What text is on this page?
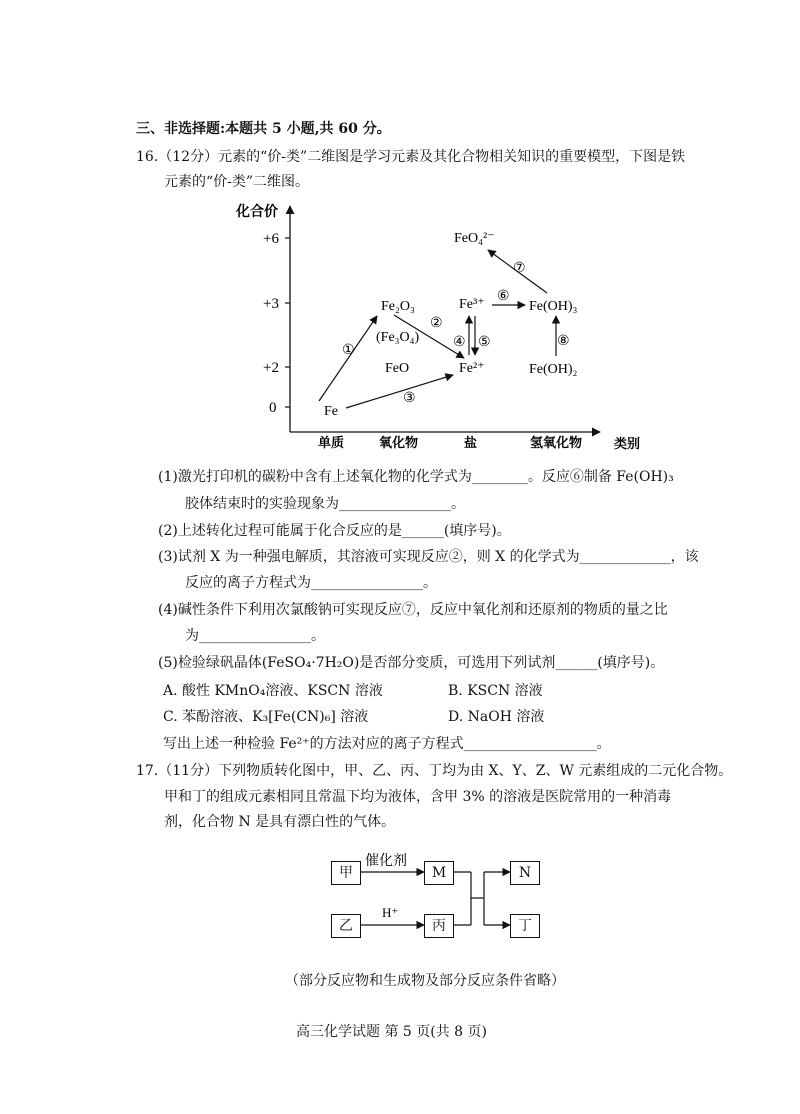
三、非选择题:本题共 5 小题,共 60 分。
16.（12分）元素的“价-类”二维图是学习元素及其化合物相关知识的重要模型，下图是铁
元素的“价-类”二维图。
化合价
+6
+3
+2
0
单质	氧化物	盐	氢氧化物 类别
Fe
FeO
(Fe₃O₄)
Fe₂O₃	Fe³⁺
Fe²⁺
Fe(OH)₃
Fe(OH)₂
FeO₄²⁻
①
②
③
④ ⑤
⑥
⑦
⑧
(1)激光打印机的碳粉中含有上述氧化物的化学式为________。反应⑥制备 Fe(OH)₃
胶体结束时的实验现象为________________。
(2)上述转化过程可能属于化合反应的是______(填序号)。
(3)试剂 X 为一种强电解质，其溶液可实现反应②，则 X 的化学式为_____________，该
反应的离子方程式为________________。
(4)碱性条件下利用次氯酸钠可实现反应⑦，反应中氧化剂和还原剂的物质的量之比
为________________。
(5)检验绿矾晶体(FeSO₄·7H₂O)是否部分变质，可选用下列试剂______(填序号)。
A. 酸性 KMnO₄溶液、KSCN 溶液	B. KSCN 溶液
C. 苯酚溶液、K₃[Fe(CN)₆] 溶液	D. NaOH 溶液
写出上述一种检验 Fe²⁺的方法对应的离子方程式___________________。
17.（11分）下列物质转化图中，甲、乙、丙、丁均为由 X、Y、Z、W 元素组成的二元化合物。
甲和丁的组成元素相同且常温下均为液体，含甲 3% 的溶液是医院常用的一种消毒
剂，化合物 N 是具有漂白性的气体。
催化剂
H⁺
甲	M	N
乙	丙	丁
（部分反应物和生成物及部分反应条件省略）
高三化学试题 第 5 页(共 8 页)
